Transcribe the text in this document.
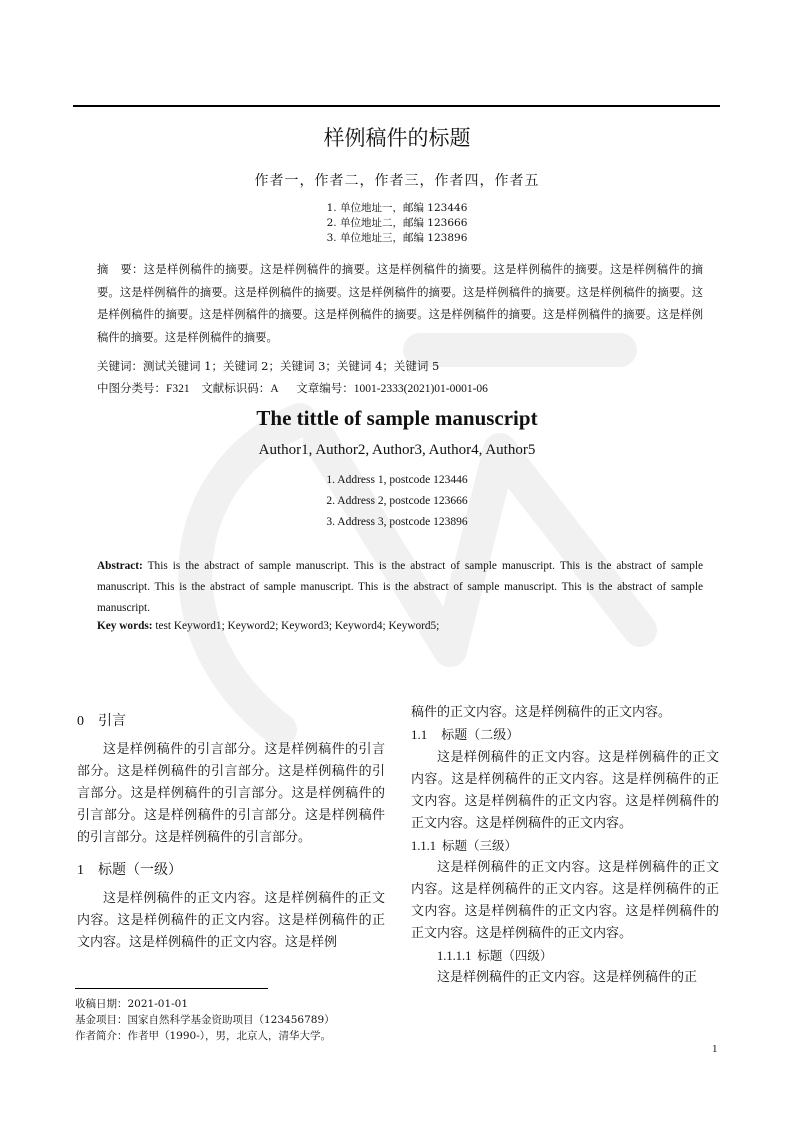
样例稿件的标题
作者一，作者二，作者三，作者四，作者五
1. 单位地址一，邮编 123446
2. 单位地址二，邮编 123666
3. 单位地址三，邮编 123896
摘　要：这是样例稿件的摘要。这是样例稿件的摘要。这是样例稿件的摘要。这是样例稿件的摘要。这是样例稿件的摘要。这是样例稿件的摘要。这是样例稿件的摘要。这是样例稿件的摘要。这是样例稿件的摘要。这是样例稿件的摘要。这是样例稿件的摘要。这是样例稿件的摘要。这是样例稿件的摘要。这是样例稿件的摘要。这是样例稿件的摘要。这是样例稿件的摘要。这是样例稿件的摘要。
关键词：测试关键词 1；关键词 2；关键词 3；关键词 4；关键词 5
中图分类号：F321 文献标识码：A 文章编号：1001-2333(2021)01-0001-06
The tittle of sample manuscript
Author1, Author2, Author3, Author4, Author5
1. Address 1, postcode 123446
2. Address 2, postcode 123666
3. Address 3, postcode 123896
Abstract: This is the abstract of sample manuscript. This is the abstract of sample manuscript. This is the abstract of sample manuscript. This is the abstract of sample manuscript. This is the abstract of sample manuscript. This is the abstract of sample manuscript.
Key words: test Keyword1; Keyword2; Keyword3; Keyword4; Keyword5;
0 引言

这是样例稿件的引言部分。这是样例稿件的引言部分。这是样例稿件的引言部分。这是样例稿件的引言部分。这是样例稿件的引言部分。这是样例稿件的引言部分。这是样例稿件的引言部分。这是样例稿件的引言部分。这是样例稿件的引言部分。

1 标题（一级）

这是样例稿件的正文内容。这是样例稿件的正文内容。这是样例稿件的正文内容。这是样例稿件的正文内容。这是样例稿件的正文内容。这是样例

稿件的正文内容。这是样例稿件的正文内容。

1.1 标题（二级）

这是样例稿件的正文内容。这是样例稿件的正文内容。这是样例稿件的正文内容。这是样例稿件的正文内容。这是样例稿件的正文内容。这是样例稿件的正文内容。这是样例稿件的正文内容。

1.1.1 标题（三级）

这是样例稿件的正文内容。这是样例稿件的正文内容。这是样例稿件的正文内容。这是样例稿件的正文内容。这是样例稿件的正文内容。这是样例稿件的正文内容。这是样例稿件的正文内容。

1.1.1.1 标题（四级）

这是样例稿件的正文内容。这是样例稿件的正

收稿日期：2021-01-01
基金项目：国家自然科学基金资助项目（123456789）
作者简介：作者甲（1990-），男，北京人，清华大学。
1
